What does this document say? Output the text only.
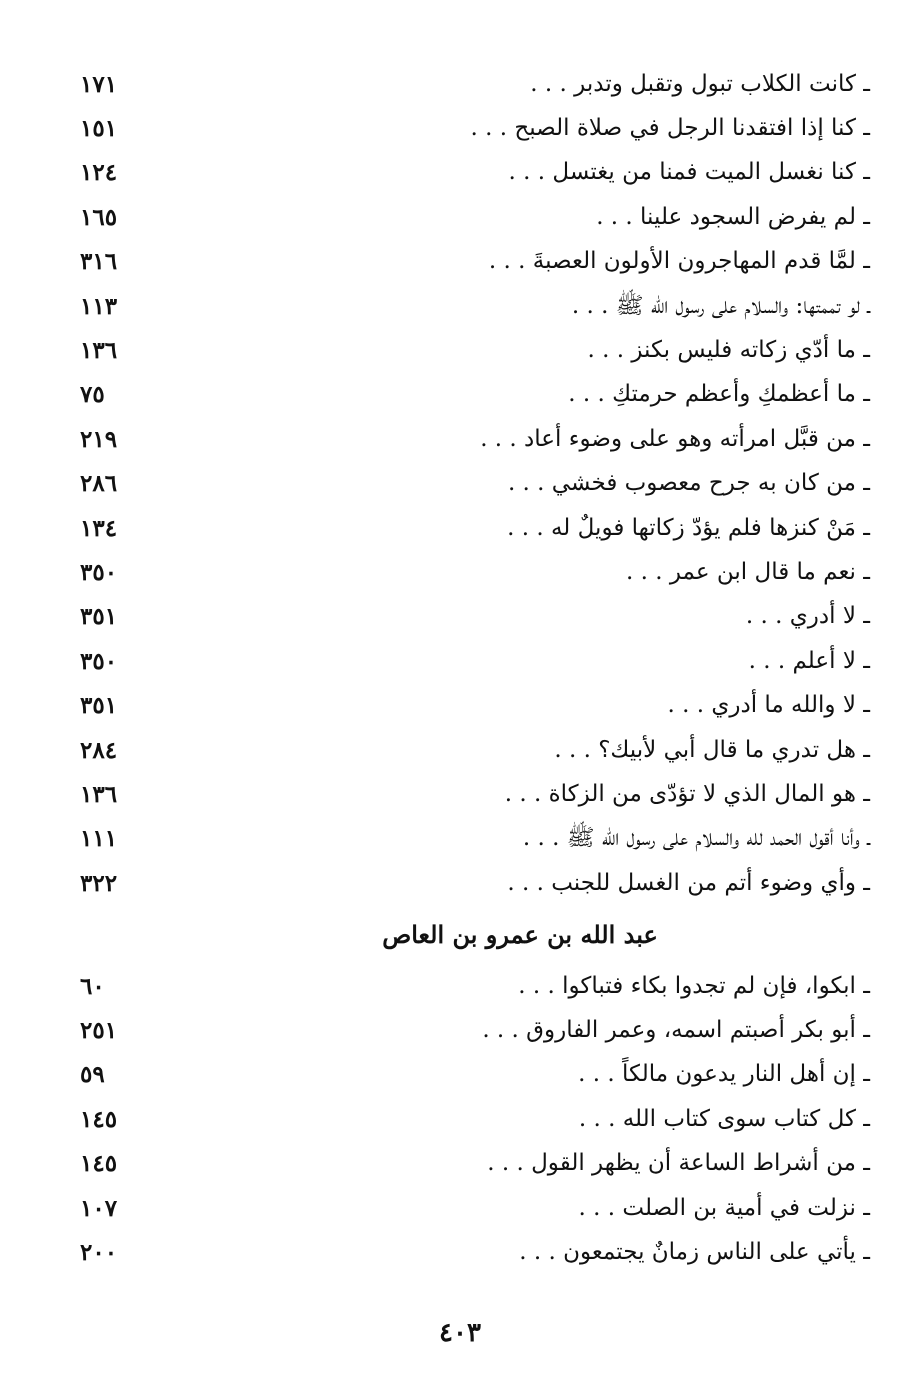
ـ كانت الكلاب تبول وتقبل وتدبر . . .
١٧١
ـ كنا إذا افتقدنا الرجل في صلاة الصبح . . .
١٥١
ـ كنا نغسل الميت فمنا من يغتسل . . .
١٢٤
ـ لم يفرض السجود علينا . . .
١٦٥
ـ لمَّا قدم المهاجرون الأولون العصبةَ . . .
٣١٦
ـ لو تممتها: والسلام على رسول الله ﷺ . . .
١١٣
ـ ما أدّي زكاته فليس بكنز . . .
١٣٦
ـ ما أعظمكِ وأعظم حرمتكِ . . .
٧٥
ـ من قبَّل امرأته وهو على وضوء أعاد . . .
٢١٩
ـ من كان به جرح معصوب فخشي . . .
٢٨٦
ـ مَنْ كنزها فلم يؤدّ زكاتها فويلٌ له . . .
١٣٤
ـ نعم ما قال ابن عمر . . .
٣٥٠
ـ لا أدري . . .
٣٥١
ـ لا أعلم . . .
٣٥٠
ـ لا والله ما أدري . . .
٣٥١
ـ هل تدري ما قال أبي لأبيك؟ . . .
٢٨٤
ـ هو المال الذي لا تؤدّى من الزكاة . . .
١٣٦
ـ وأنا أقول الحمد لله والسلام على رسول الله ﷺ . . .
١١١
ـ وأي وضوء أتم من الغسل للجنب . . .
٣٢٢
عبد الله بن عمرو بن العاص
ـ ابكوا، فإن لم تجدوا بكاء فتباكوا . . .
٦٠
ـ أبو بكر أصبتم اسمه، وعمر الفاروق . . .
٢٥١
ـ إن أهل النار يدعون مالكاً . . .
٥٩
ـ كل كتاب سوى كتاب الله . . .
١٤٥
ـ من أشراط الساعة أن يظهر القول . . .
١٤٥
ـ نزلت في أمية بن الصلت . . .
١٠٧
ـ يأتي على الناس زمانٌ يجتمعون . . .
٢٠٠
٤٠٣
